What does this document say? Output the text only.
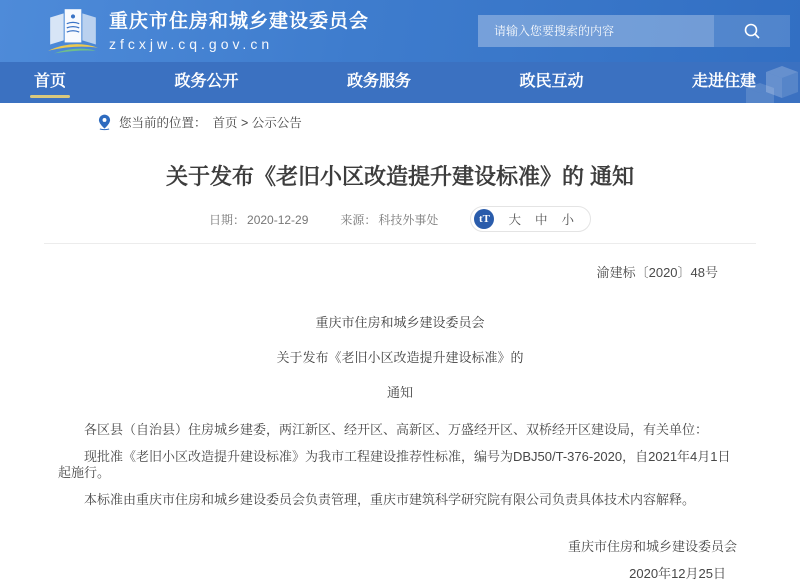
重庆市住房和城乡建设委员会
zfcxjw.cq.gov.cn
请输入您要搜索的内容
首页	政务公开	政务服务	政民互动	走进住建
您当前的位置： 首页 > 公示公告
关于发布《老旧小区改造提升建设标准》的 通知
日期： 2020-12-29	来源： 科技外事处	tT	大 中 小
渝建标〔2020〕48号

重庆市住房和城乡建设委员会

关于发布《老旧小区改造提升建设标准》的

通知

各区县（自治县）住房城乡建委，两江新区、经开区、高新区、万盛经开区、双桥经开区建设局，有关单位：

现批准《老旧小区改造提升建设标准》为我市工程建设推荐性标准，编号为DBJ50/T-376-2020，自2021年4月1日起施行。

本标准由重庆市住房和城乡建设委员会负责管理，重庆市建筑科学研究院有限公司负责具体技术内容解释。

重庆市住房和城乡建设委员会
2020年12月25日
